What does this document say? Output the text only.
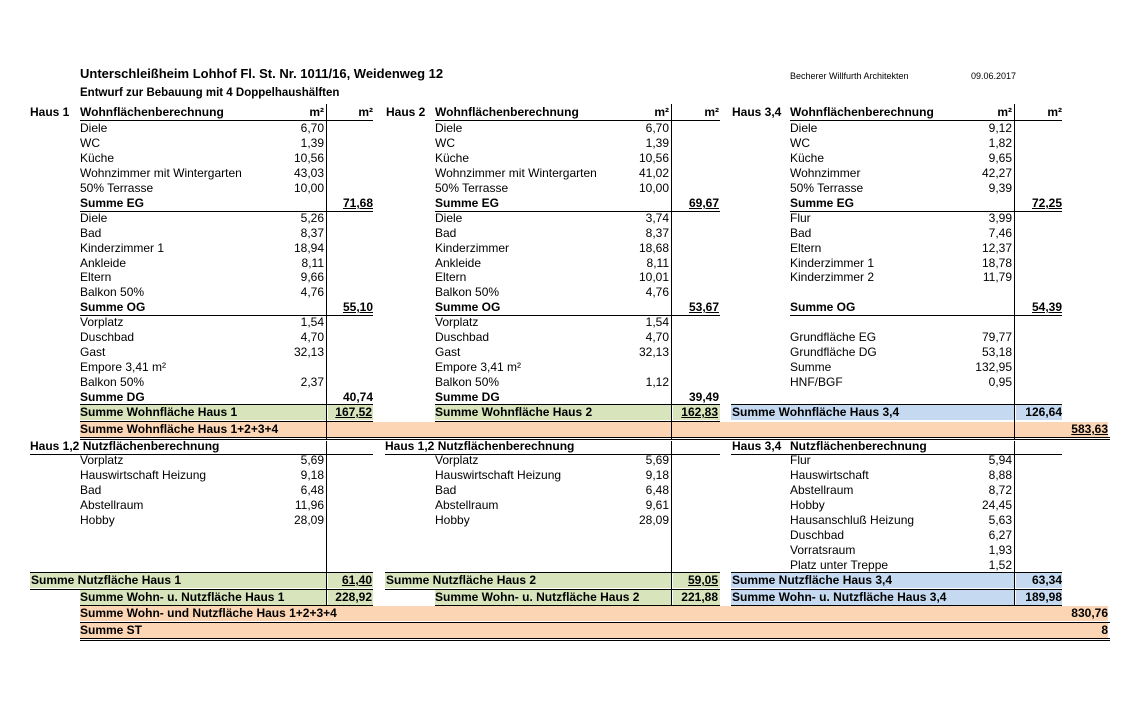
Unterschleißheim Lohhof Fl. St. Nr. 1011/16, Weidenweg 12
Entwurf zur Bebauung mit 4 Doppelhaushälften
Becherer Willfurth Architekten	09.06.2017
Haus 1 Wohnflächenberechnung	m²	m²
Diele	6,70
WC	1,39
Küche	10,56
Wohnzimmer mit Wintergarten	43,03
50% Terrasse	10,00
Summe EG	71,68
Diele	5,26
Bad	8,37
Kinderzimmer 1	18,94
Ankleide	8,11
Eltern	9,66
Balkon 50%	4,76
Summe OG	55,10
Vorplatz	1,54
Duschbad	4,70
Gast	32,13
Empore 3,41 m²
Balkon 50%	2,37
Summe DG	40,74
Summe Wohnfläche Haus 1	167,52
Haus 2 Wohnflächenberechnung	m²	m²
Diele	6,70
WC	1,39
Küche	10,56
Wohnzimmer mit Wintergarten	41,02
50% Terrasse	10,00
Summe EG	69,67
Diele	3,74
Bad	8,37
Kinderzimmer	18,68
Ankleide	8,11
Eltern	10,01
Balkon 50%	4,76
Summe OG	53,67
Vorplatz	1,54
Duschbad	4,70
Gast	32,13
Empore 3,41 m²
Balkon 50%	1,12
Summe DG	39,49
Summe Wohnfläche Haus 2	162,83
Haus 3,4 Wohnflächenberechnung	m²	m²
Diele	9,12
WC	1,82
Küche	9,65
Wohnzimmer	42,27
50% Terrasse	9,39
Summe EG	72,25
Flur	3,99
Bad	7,46
Eltern	12,37
Kinderzimmer 1	18,78
Kinderzimmer 2	11,79
Summe OG	54,39
Grundfläche EG	79,77
Grundfläche DG	53,18
Summe	132,95
HNF/BGF	0,95
Summe Wohnfläche Haus 3,4	126,64
Summe Wohnfläche Haus 1+2+3+4	583,63
Haus 1,2 Nutzflächenberechnung	Haus 1,2 Nutzflächenberechnung	Haus 3,4 Nutzflächenberechnung
Vorplatz	5,69
Hauswirtschaft Heizung	9,18
Bad	6,48
Abstellraum	11,96
Hobby	28,09
Vorplatz	5,69
Hauswirtschaft Heizung	9,18
Bad	6,48
Abstellraum	9,61
Hobby	28,09
Flur	5,94
Hauswirtschaft	8,88
Abstellraum	8,72
Hobby	24,45
Hausanschluß Heizung	5,63
Duschbad	6,27
Vorratsraum	1,93
Platz unter Treppe	1,52
Summe Nutzfläche Haus 1	61,40 Summe Nutzfläche Haus 2	59,05 Summe Nutzfläche Haus 3,4	63,34
Summe Wohn- u. Nutzfläche Haus 1	228,92	Summe Wohn- u. Nutzfläche Haus 2	221,88 Summe Wohn- u. Nutzfläche Haus 3,4	189,98
Summe Wohn- und Nutzfläche Haus 1+2+3+4	830,76
Summe ST	8
